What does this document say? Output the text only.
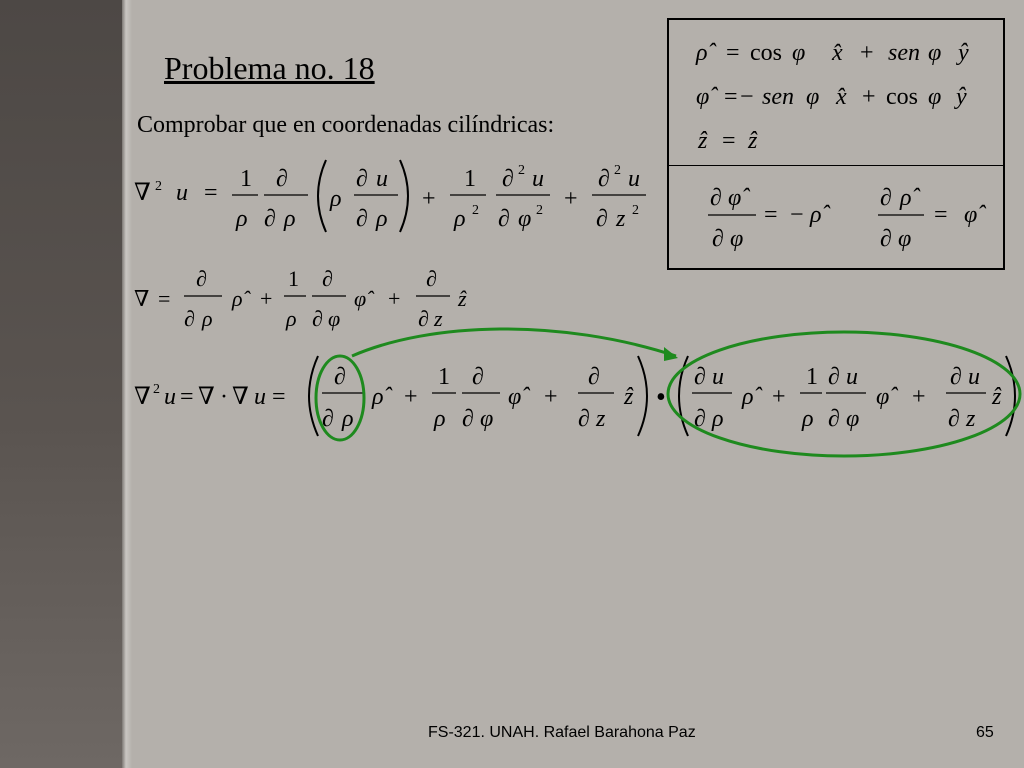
Problema no. 18
Comprobar que en coordenadas cilíndricas:
ρ̂ = cos φ x̂ + sen φ ŷ
φ̂ = − sen φ x̂ + cos φ ŷ
ẑ = ẑ
∂ φ̂
∂ φ
= − ρ̂
∂ ρ̂
∂ φ
= φ̂
∇ 2 u =
1
ρ
∂
∂ ρ
ρ
∂ u
∂ ρ
+
1
ρ 2
∂ 2 u
∂ φ 2 +
∂ 2 u
∂ z 2
∇ =
∂
∂ ρ
ρ̂ +
1
ρ
∂
∂ φ
φ̂ +
∂
∂ z
ẑ
∇ 2 u = ∇ · ∇ u =
∂
∂ ρ
ρ̂ +
1
ρ
∂
∂ φ
φ̂ +
∂
∂ z
ẑ •
∂ u
∂ ρ
ρ̂ +
1
ρ
∂ u
∂ φ
φ̂ +
∂ u
∂ z
ẑ
FS-321. UNAH. Rafael Barahona Paz	65
